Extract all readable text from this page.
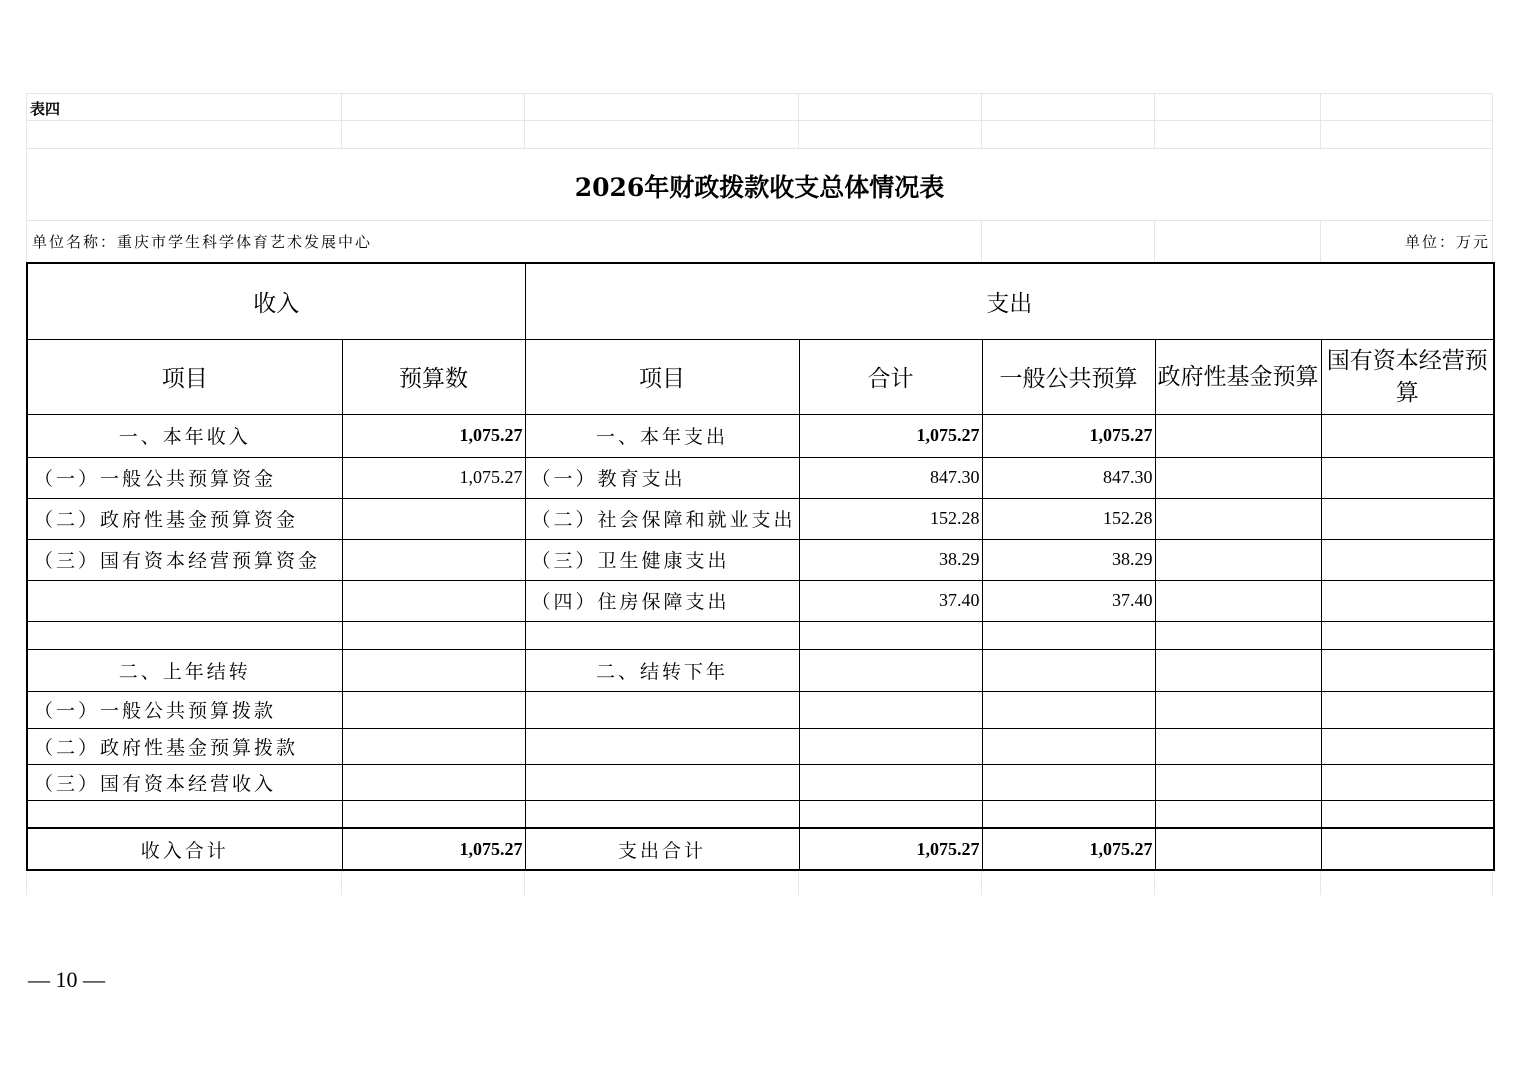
表四
2026年财政拨款收支总体情况表
单位名称：重庆市学生科学体育艺术发展中心	单位：万元
收入		支出				
项目	预算数	项目	合计	一般公共预算	政府性基金预算	国有资本经营预算
一、本年收入	1,075.27	一、本年支出	1,075.27	1,075.27		
（一）一般公共预算资金	1,075.27	（一）教育支出	847.30	847.30		
（二）政府性基金预算资金		（二）社会保障和就业支出	152.28	152.28		
（三）国有资本经营预算资金		（三）卫生健康支出	38.29	38.29		
		（四）住房保障支出	37.40	37.40		

二、上年结转		二、结转下年				
（一）一般公共预算拨款						
（二）政府性基金预算拨款						
（三）国有资本经营收入						

收入合计	1,075.27	支出合计	1,075.27	1,075.27		
— 10 —
